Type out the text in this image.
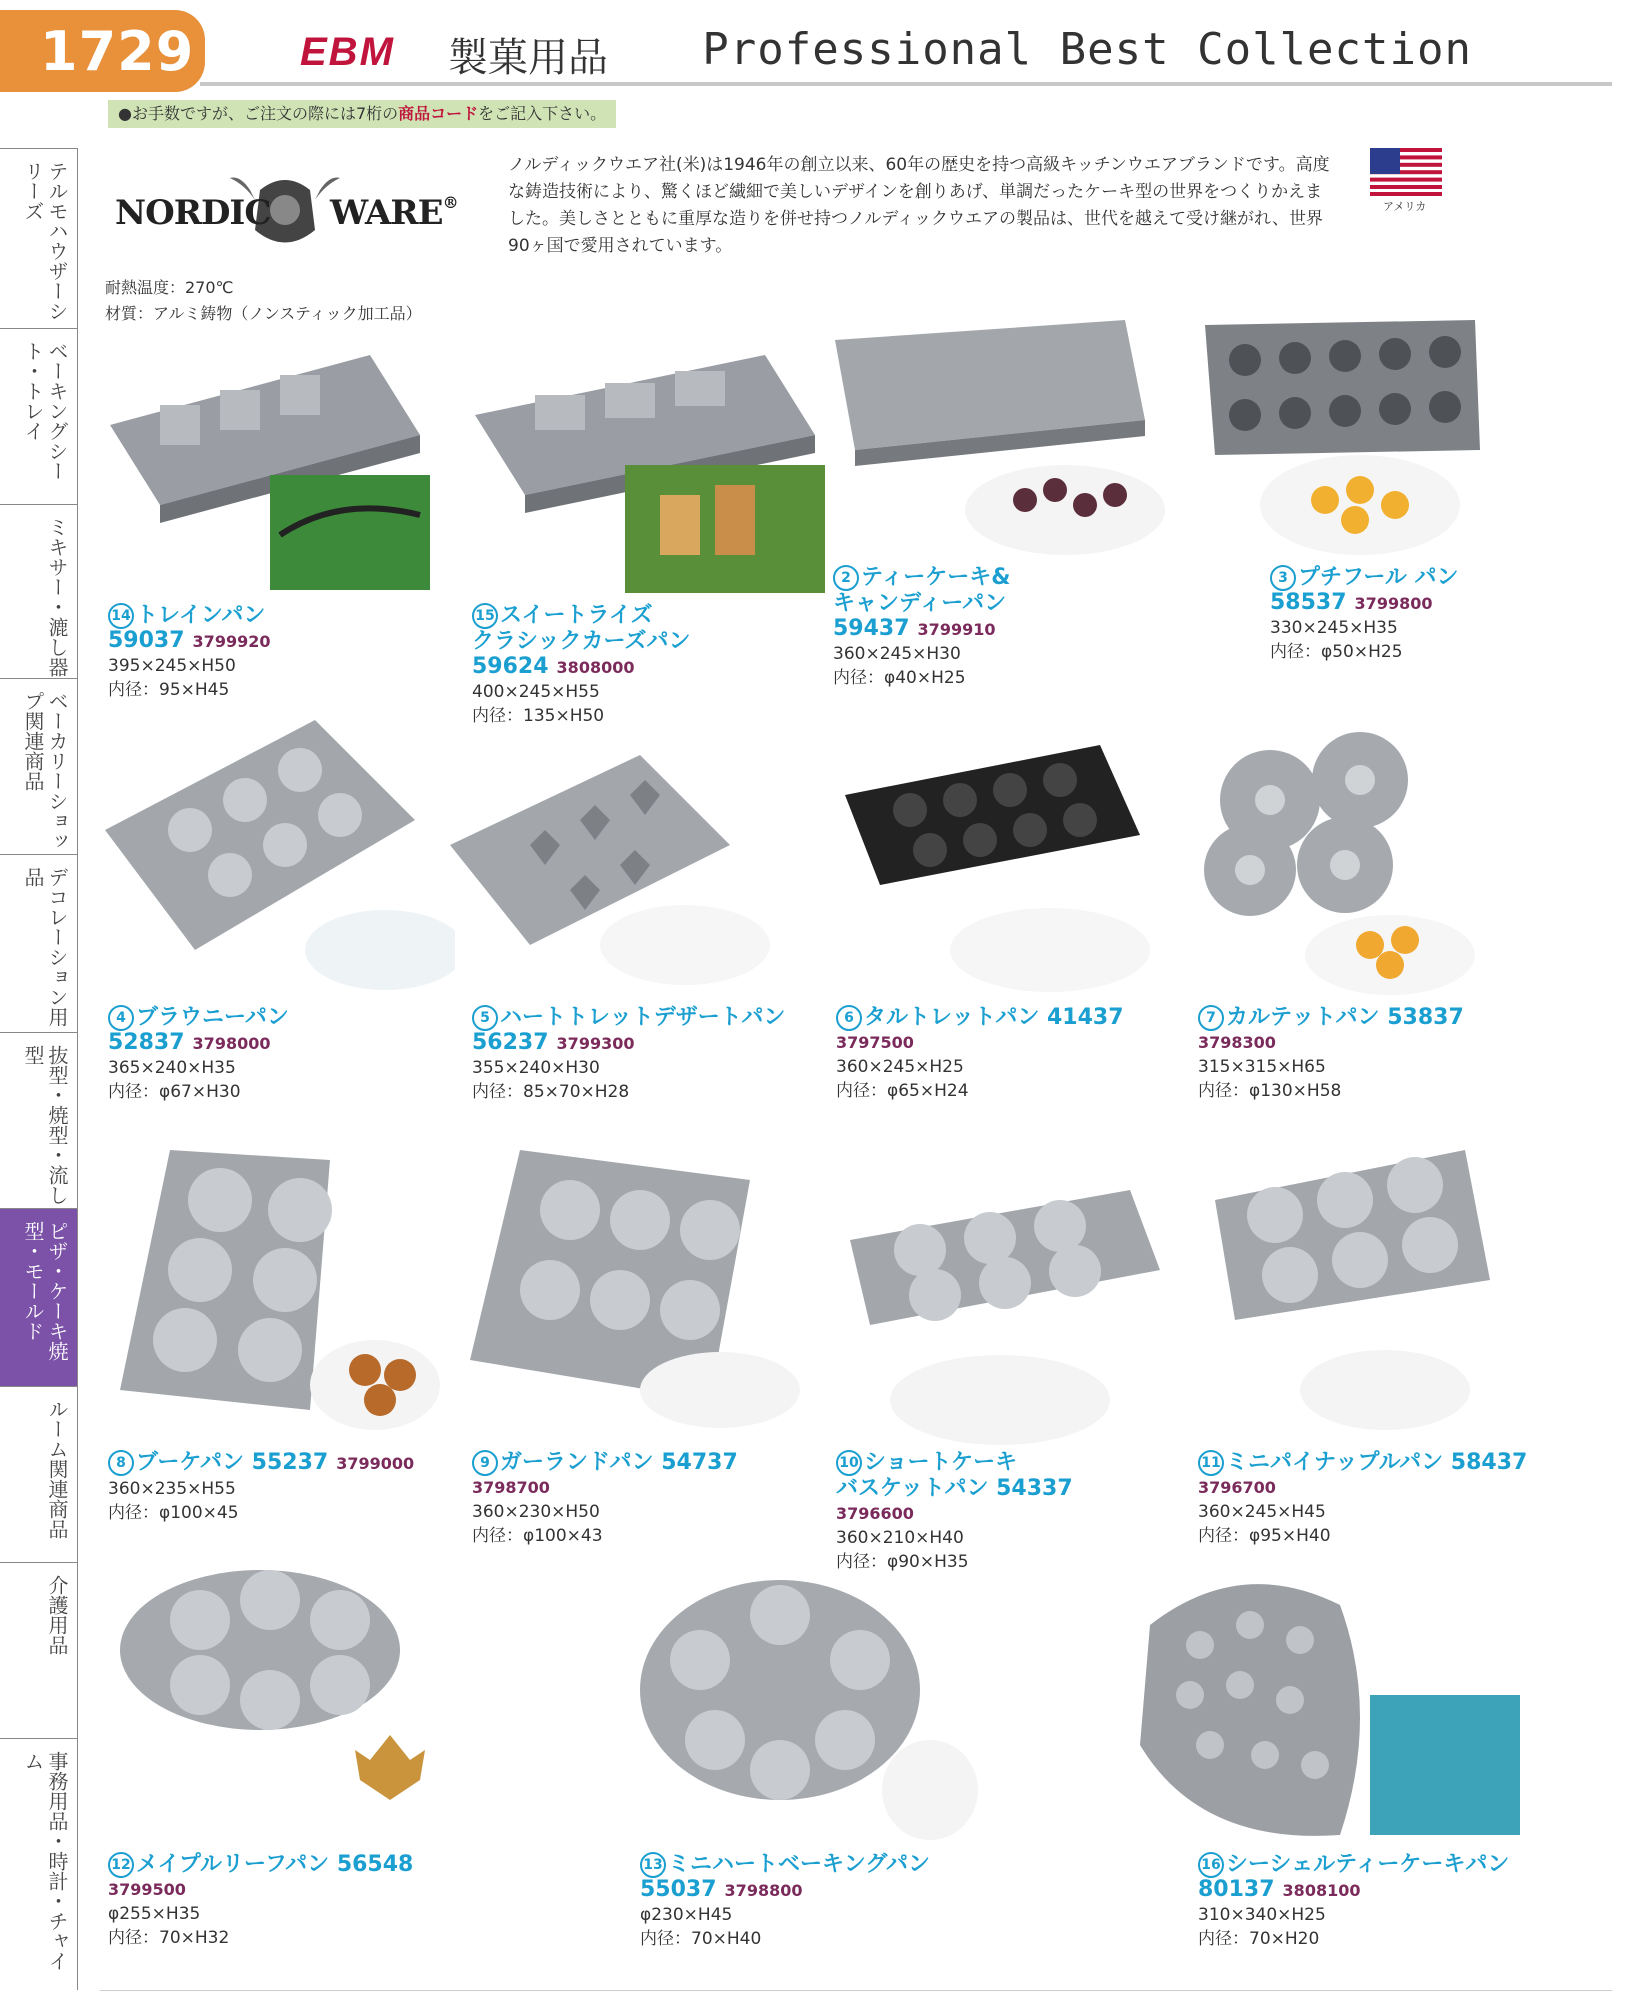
1729	EBM 製菓用品 Professional Best Collection
●お手数ですが、ご注文の際には7桁の商品コードをご記入下さい。
テルモハウザーシリーズ
ベーキングシート・トレイ
ミキサー・漉し器
ベーカリーショップ関連商品
デコレーション用品
抜型・焼型・流し型
ピザ・ケーキ焼型・モールド
ルーム関連商品
介護用品
事務用品・時計・チャイム
NORDIC WARE®
ノルディックウエア社(米)は1946年の創立以来、60年の歴史を持つ高級キッチンウエアブランドです。高度な鋳造技術により、驚くほど繊細で美しいデザインを創りあげ、単調だったケーキ型の世界をつくりかえました。美しさとともに重厚な造りを併せ持つノルディックウエアの製品は、世代を越えて受け継がれ、世界90ヶ国で愛用されています。
アメリカ
耐熱温度：270℃
材質：アルミ鋳物（ノンスティック加工品）
14 トレインパン
59037 3799920
395×245×H50
内径：95×H45
15 スイートライズ
クラシックカーズパン
59624 3808000
400×245×H55
内径：135×H50
2 ティーケーキ&
キャンディーパン
59437 3799910
360×245×H30
内径：φ40×H25
3 プチフール パン
58537 3799800
330×245×H35
内径：φ50×H25
4 ブラウニーパン
52837 3798000
365×240×H35
内径：φ67×H30
5 ハートトレットデザートパン
56237 3799300
355×240×H30
内径：85×70×H28
6 タルトレットパン 41437
3797500
360×245×H25
内径：φ65×H24
7 カルテットパン 53837
3798300
315×315×H65
内径：φ130×H58
8 ブーケパン 55237 3799000
360×235×H55
内径：φ100×45
9 ガーランドパン 54737
3798700
360×230×H50
内径：φ100×43
10 ショートケーキ
バスケットパン 54337
3796600
360×210×H40
内径：φ90×H35
11 ミニパイナップルパン 58437
3796700
360×245×H45
内径：φ95×H40
12 メイプルリーフパン 56548
3799500
φ255×H35
内径：70×H32
13 ミニハートベーキングパン
55037 3798800
φ230×H45
内径：70×H40
16 シーシェルティーケーキパン
80137 3808100
310×340×H25
内径：70×H20
